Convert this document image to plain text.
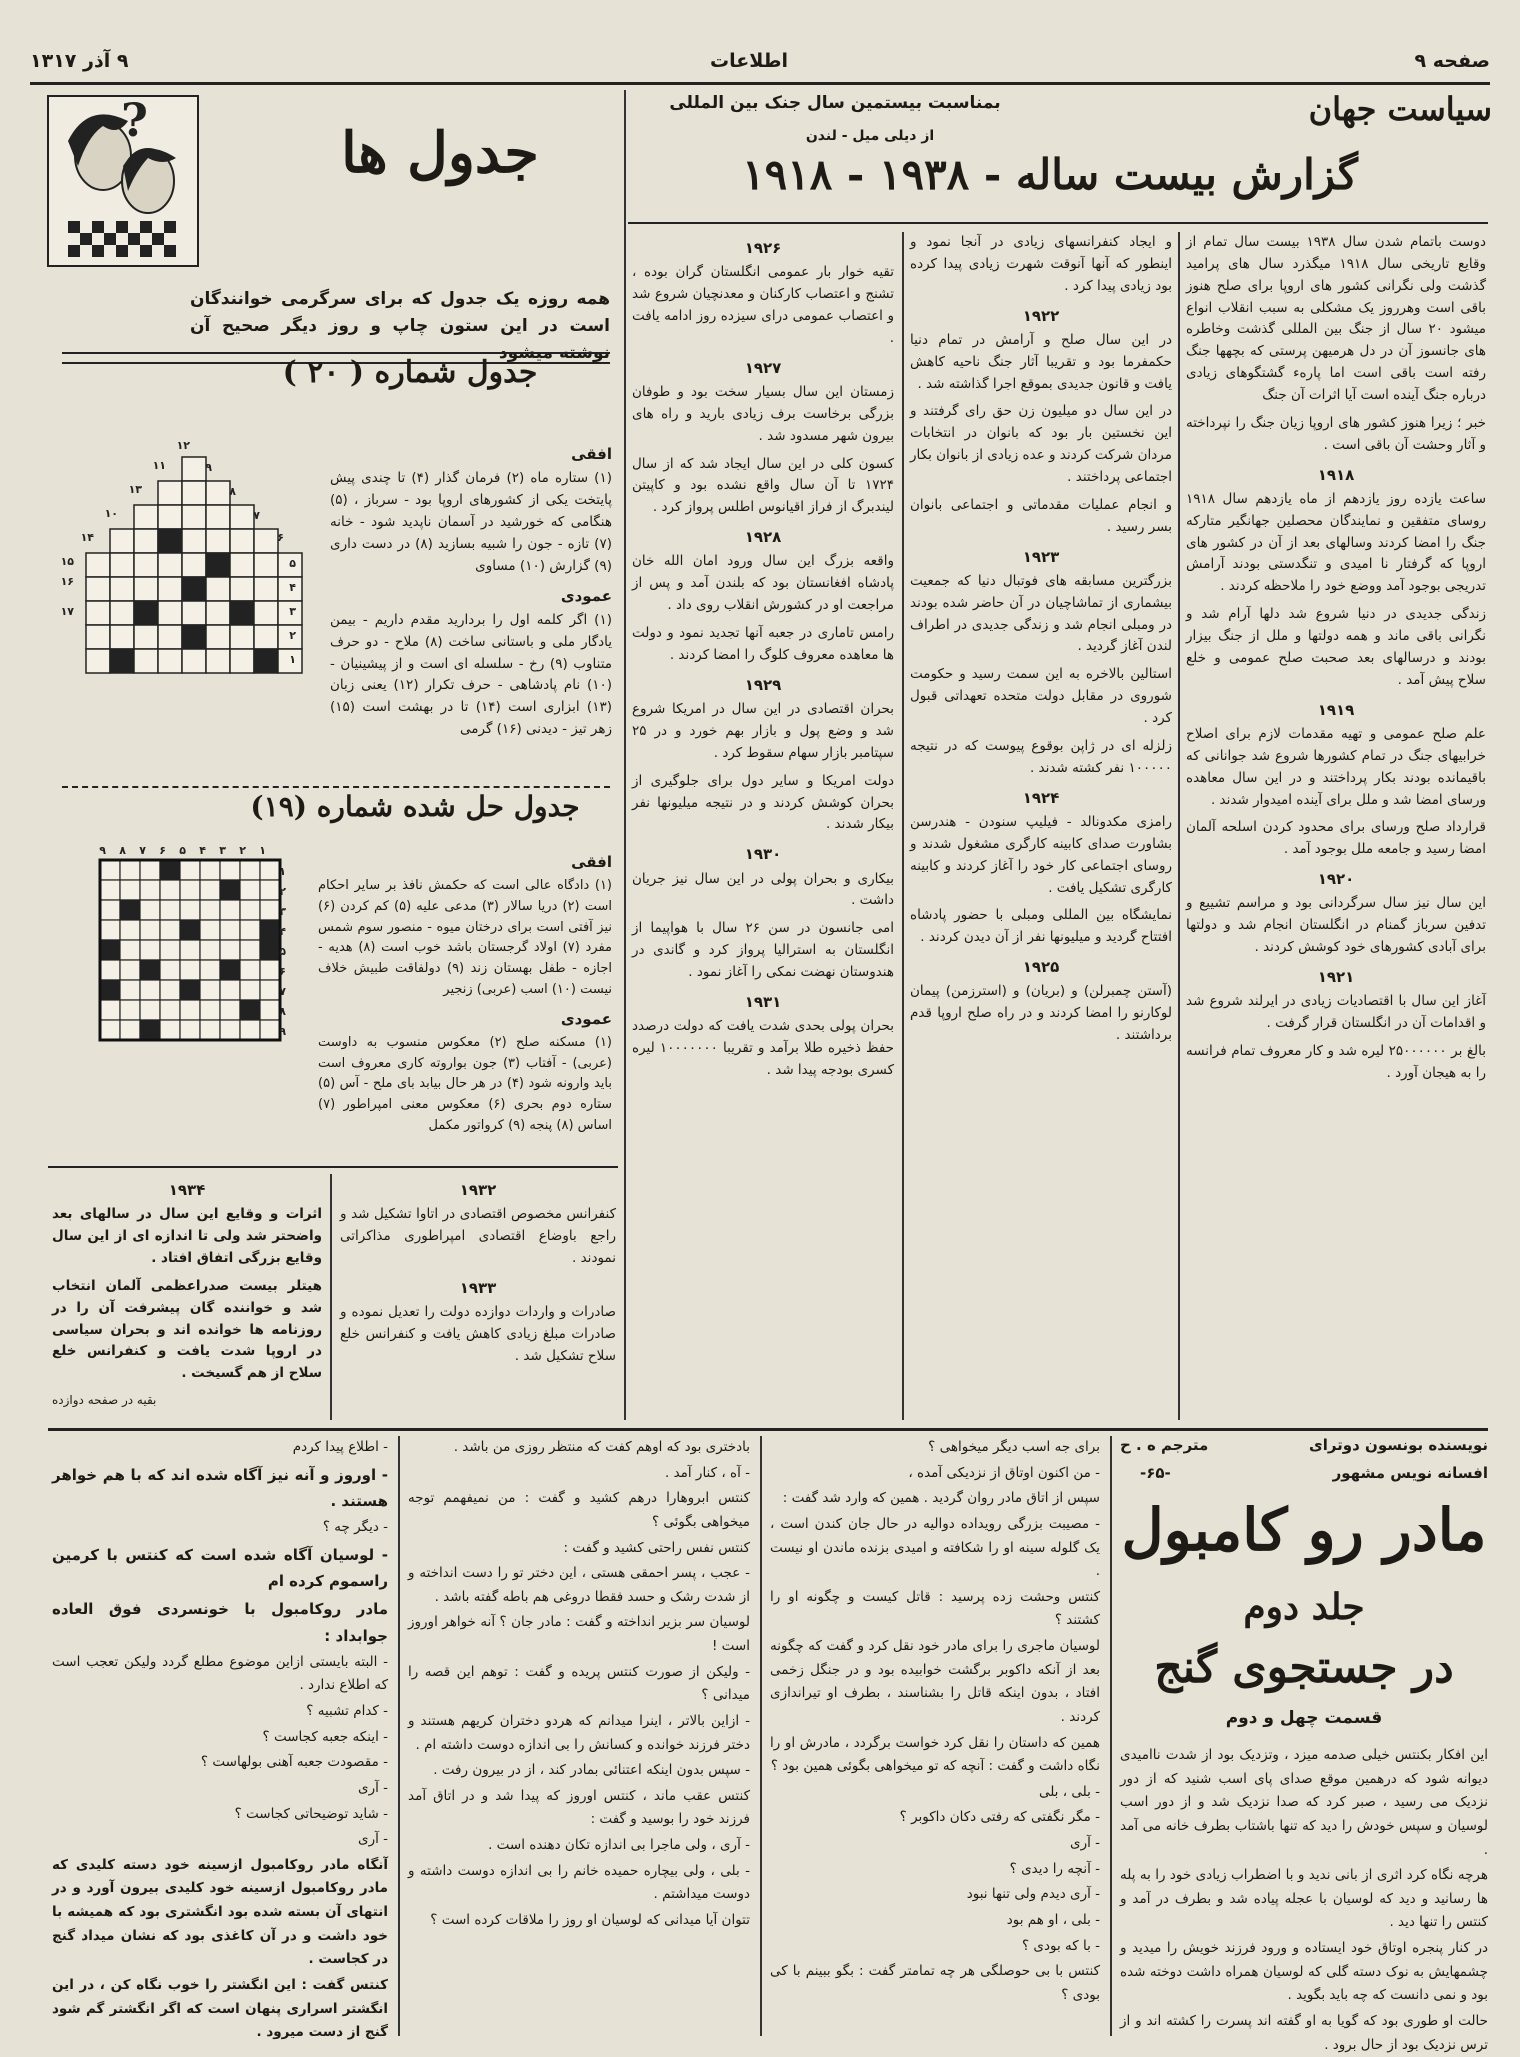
صفحه ۹
اطلاعات
۹ آذر ۱۳۱۷
سیاست جهان
بمناسبت بیستمین سال جنک بین المللی
از دیلی میل - لندن
گزارش بیست ساله - ۱۹۳۸ - ۱۹۱۸

دوست باتمام شدن سال ۱۹۳۸ بیست سال تمام از وقایع تاریخی سال ۱۹۱۸ میگذرد سال های پرامید گذشت ولی نگرانی کشور های اروپا برای صلح هنوز باقی است وهرروز یک مشکلی به سبب انقلاب انواع میشود ۲۰ سال از جنگ بین المللی گذشت وخاطره های جانسوز آن در دل هرمیهن پرستی که بچهها جنگ رفته است باقی است اما پارهء گشتگوهای زیادی درباره جنگ آینده است آیا اثرات آن جنگ

خبر ؛ زیرا هنوز کشور های اروپا زیان جنگ را نپرداخته و آثار وحشت آن باقی است .

۱۹۱۸

ساعت یازده روز یازدهم از ماه یازدهم سال ۱۹۱۸ روسای متفقین و نمایندگان محصلین جهانگیر متارکه جنگ را امضا کردند وسالهای بعد از آن در کشور های اروپا که گرفتار نا امیدی و تنگدستی بودند آرامش تدریجی بوجود آمد ووضع خود را ملاحظه کردند .

زندگی جدیدی در دنیا شروع شد دلها آرام شد و نگرانی باقی ماند و همه دولتها و ملل از جنگ بیزار بودند و درسالهای بعد صحبت صلح عمومی و خلع سلاح پیش آمد .

۱۹۱۹

علم صلح عمومی و تهیه مقدمات لازم برای اصلاح خرابیهای جنگ در تمام کشورها شروع شد جوانانی که باقیمانده بودند بکار پرداختند و در این سال معاهده ورسای امضا شد و ملل برای آینده امیدوار شدند .

قرارداد صلح ورسای برای محدود کردن اسلحه آلمان امضا رسید و جامعه ملل بوجود آمد .

۱۹۲۰

این سال نیز سال سرگردانی بود و مراسم تشییع و تدفین سرباز گمنام در انگلستان انجام شد و دولتها برای آبادی کشورهای خود کوشش کردند .

۱۹۲۱

آغاز این سال با اقتصادیات زیادی در ایرلند شروع شد و اقدامات آن در انگلستان قرار گرفت .

بالغ بر ۲۵۰۰۰۰۰۰ لیره شد و کار معروف تمام فرانسه را به هیجان آورد .

و ایجاد کنفرانسهای زیادی در آنجا نمود و اینطور که آنها آنوقت شهرت زیادی پیدا کرده بود زیادی پیدا کرد .

۱۹۲۲

در این سال صلح و آرامش در تمام دنیا حکمفرما بود و تقریبا آثار جنگ ناحیه کاهش یافت و قانون جدیدی بموقع اجرا گذاشته شد .

در این سال دو میلیون زن حق رای گرفتند و این نخستین بار بود که بانوان در انتخابات مردان شرکت کردند و عده زیادی از بانوان بکار اجتماعی پرداختند .

و انجام عملیات مقدماتی و اجتماعی بانوان بسر رسید .

۱۹۲۳

بزرگترین مسابقه های فوتبال دنیا که جمعیت بیشماری از تماشاچیان در آن حاضر شده بودند در ومبلی انجام شد و زندگی جدیدی در اطراف لندن آغاز گردید .

استالین بالاخره به این سمت رسید و حکومت شوروی در مقابل دولت متحده تعهداتی قبول کرد .

زلزله ای در ژاپن بوقوع پیوست که در نتیجه ۱۰۰۰۰۰ نفر کشته شدند .

۱۹۲۴

رامزی مکدونالد - فیلیپ سنودن - هندرسن بشاورت صدای کابینه کارگری مشغول شدند و روسای اجتماعی کار خود را آغاز کردند و کابینه کارگری تشکیل یافت .

نمایشگاه بین المللی ومبلی با حضور پادشاه افتتاح گردید و میلیونها نفر از آن دیدن کردند .

۱۹۲۵

(آستن چمبرلن) و (بریان) و (استرزمن) پیمان لوکارنو را امضا کردند و در راه صلح اروپا قدم برداشتند .

۱۹۲۶

تقیه خوار بار عمومی انگلستان گران بوده ، تشنج و اعتصاب کارکنان و معدنچیان شروع شد و اعتصاب عمومی درای سیزده روز ادامه یافت .

۱۹۲۷

زمستان این سال بسیار سخت بود و طوفان بزرگی برخاست برف زیادی بارید و راه های بیرون شهر مسدود شد .

کسون کلی در این سال ایجاد شد که از سال ۱۷۲۴ تا آن سال واقع نشده بود و کاپیتن لیندبرگ از فراز اقیانوس اطلس پرواز کرد .

۱۹۲۸

واقعه بزرگ این سال ورود امان الله خان پادشاه افغانستان بود که بلندن آمد و پس از مراجعت او در کشورش انقلاب روی داد .

رامس تاماری در جعبه آنها تجدید نمود و دولت ها معاهده معروف کلوگ را امضا کردند .

۱۹۲۹

بحران اقتصادی در این سال در امریکا شروع شد و وضع پول و بازار بهم خورد و در ۲۵ سپتامبر بازار سهام سقوط کرد .

دولت امریکا و سایر دول برای جلوگیری از بحران کوشش کردند و در نتیجه میلیونها نفر بیکار شدند .

۱۹۳۰

بیکاری و بحران پولی در این سال نیز جریان داشت .

امی جانسون در سن ۲۶ سال با هواپیما از انگلستان به استرالیا پرواز کرد و گاندی در هندوستان نهضت نمکی را آغاز نمود .

۱۹۳۱

بحران پولی بحدی شدت یافت که دولت درصدد حفظ ذخیره طلا برآمد و تقریبا ۱۰۰۰۰۰۰۰ لیره کسری بودجه پیدا شد .

۱۹۳۲

کنفرانس مخصوص اقتصادی در اتاوا تشکیل شد و راجع باوضاع اقتصادی امپراطوری مذاکراتی نمودند .

۱۹۳۳

صادرات و واردات دوازده دولت را تعدیل نموده و صادرات مبلغ زیادی کاهش یافت و کنفرانس خلع سلاح تشکیل شد .

۱۹۳۴

اثرات و وقایع این سال در سالهای بعد واضحتر شد ولی تا اندازه ای از این سال وقایع بزرگی اتفاق افتاد .

هیتلر بیست صدراعظمی آلمان انتخاب شد و خواننده گان پیشرفت آن را در روزنامه ها خوانده اند و بحران سیاسی در اروپا شدت یافت و کنفرانس خلع سلاح از هم گسیخت .

بقیه در صفحه دوازده

?	جدول ها
همه روزه یک جدول که برای سرگرمی خوانندگان است در این ستون چاپ و روز دیگر صحیح آن نوشته میشود
جدول شماره ( ۲۰ )
۱۲
۱۱
۱۳
۱۰
۱۴
۹
۱۵
۱۶
۱۷
۸
۷
۶
۵
۴
۳
۲
۱
افقی

(۱) ستاره ماه (۲) فرمان گذار (۴) تا چندی پیش پایتخت یکی از کشورهای اروپا بود - سرباز ، (۵) هنگامی که خورشید در آسمان ناپدید شود - خانه (۷) تازه - جون را شبیه بسازید (۸) در دست داری (۹) گزارش (۱۰) مساوی

عمودی

(۱) اگر کلمه اول را بردارید مقدم داریم - بیمن یادگار ملی و باستانی ساخت (۸) ملاح - دو حرف متناوب (۹) رخ - سلسله ای است و از پیشینیان - (۱۰) نام پادشاهی - حرف تکرار (۱۲) یعنی زبان (۱۳) ابزاری است (۱۴) تا در بهشت است (۱۵) زهر تیز - دیدنی (۱۶) گرمی

جدول حل شده شماره (۱۹)
۹ ۸ ۷ ۶ ۵ ۴ ۳ ۲ ۱
۱
۲
۳
۴
۵
۶
۷
۸
۹
افقی

(۱) دادگاه عالی است که حکمش نافذ بر سایر احکام است (۲) دریا سالار (۳) مدعی علیه (۵) کم کردن (۶) نیز آفتی است برای درختان میوه - منصور سوم شمس مفرد (۷) اولاد گرجستان باشد خوب است (۸) هدیه - اجازه - طفل بهستان زند (۹) دولفاقت طبیش خلاف نیست (۱۰) اسب (عربی) زنجیر

عمودی

(۱) مسکنه صلح (۲) معکوس منسوب به داوست (عربی) - آفتاب (۳) جون بواروته کاری معروف است باید وارونه شود (۴) در هر حال بیابد بای ملح - آس (۵) ستاره دوم بحری (۶) معکوس معنی امپراطور (۷) اساس (۸) پنجه (۹) کرواتور مکمل

نویسنده بونسون دوترای
مترجم ه . ح
افسانه نویس مشهور
-۶۵-
مادر رو کامبول
جلد دوم
در جستجوی گنج
قسمت چهل و دوم

این افکار بکنتس خیلی صدمه میزد ، وتزدیک بود از شدت ناامیدی دیوانه شود که درهمین موقع صدای پای اسب شنید که از دور نزدیک می رسید ، صبر کرد که صدا نزدیک شد و از دور اسب لوسیان و سپس خودش را دید که تنها باشتاب بطرف خانه می آمد .

هرچه نگاه کرد اثری از بانی ندید و با اضطراب زیادی خود را به پله ها رسانید و دید که لوسیان با عجله پیاده شد و بطرف در آمد و کنتس را تنها دید .

در کنار پنجره اوتاق خود ایستاده و ورود فرزند خویش را میدید و چشمهایش به نوک دسته گلی که لوسیان همراه داشت دوخته شده بود و نمی دانست که چه باید بگوید .

حالت او طوری بود که گویا به او گفته اند پسرت را کشته اند و از ترس نزدیک بود از حال برود .

برای جه اسب دیگر میخواهی ؟

- من اکنون اوتاق از نزدیکی آمده ،

سپس از اتاق مادر روان گردید . همین که وارد شد گفت :

- مصیبت بزرگی رویداده دوالیه در حال جان کندن است ، یک گلوله سینه او را شکافته و امیدی بزنده ماندن او نیست .

کنتس وحشت زده پرسید : قاتل کیست و چگونه او را کشتند ؟

لوسیان ماجری را برای مادر خود نقل کرد و گفت که چگونه بعد از آنکه داکوبر برگشت خوابیده بود و در جنگل زخمی افتاد ، بدون اینکه قاتل را بشناسند ، بطرف او تیراندازی کردند .

همین که داستان را نقل کرد خواست برگردد ، مادرش او را نگاه داشت و گفت : آنچه که تو میخواهی بگوئی همین بود ؟

- بلی ، بلی

- مگر نگفتی که رفتی دکان داکوبر ؟

- آری

- آنچه را دیدی ؟

- آری دیدم ولی تنها نبود

- بلی ، او هم بود

- با که بودی ؟

کنتس با بی حوصلگی هر چه تمامتر گفت : بگو ببینم با کی بودی ؟

بادختری بود که اوهم کفت که منتظر روزی من باشد .

- آه ، کنار آمد .

کنتس ابروهارا درهم کشید و گفت : من نمیفهمم توجه میخواهی بگوئی ؟

کنتس نفس راحتی کشید و گفت :

- عجب ، پسر احمقی هستی ، این دختر تو را دست انداخته و از شدت رشک و حسد فقطا دروغی هم باطه گفته باشد .

لوسیان سر بزیر انداخته و گفت : مادر جان ؟ آنه خواهر اوروز است !

- ولیکن از صورت کنتس پریده و گفت : توهم این قصه را میدانی ؟

- ازاین بالاتر ، اینرا میدانم که هردو دختران کریهم هستند و دختر فرزند خوانده و کسانش را بی اندازه دوست داشته ام .

- سپس بدون اینکه اعتنائی بمادر کند ، از در بیرون رفت .

کنتس عقب ماند ، کنتس اوروز که پیدا شد و در اتاق آمد فرزند خود را بوسید و گفت :

- آری ، ولی ماجرا بی اندازه تکان دهنده است .

- بلی ، ولی بیچاره حمیده خانم را بی اندازه دوست داشته و دوست میداشتم .

تتوان آیا میدانی که لوسیان او روز را ملاقات کرده است ؟

- اطلاع پیدا کردم

- اوروز و آنه نیز آگاه شده اند که با هم خواهر هستند .

- دیگر چه ؟

- لوسیان آگاه شده است که کنتس با کرمین راسموم کرده ام

مادر روکامبول با خونسردی فوق العاده جوابداد :

- البته بایستی ازاین موضوع مطلع گردد ولیکن تعجب است که اطلاع ندارد .

- کدام تشبیه ؟

- اینکه جعبه کجاست ؟

- مقصودت جعبه آهنی بولهاست ؟

- آری

- شاید توضیحاتی کجاست ؟

- آری

آنگاه مادر روکامبول ازسینه خود دسته کلیدی که مادر روکامبول ازسینه خود کلیدی بیرون آورد و در انتهای آن بسته شده بود انگشتری بود که همیشه با خود داشت و در آن کاغذی بود که نشان میداد گنج در کجاست .

کنتس گفت : این انگشتر را خوب نگاه کن ، در این انگشتر اسراری پنهان است که اگر انگشتر گم شود گنج از دست میرود .
